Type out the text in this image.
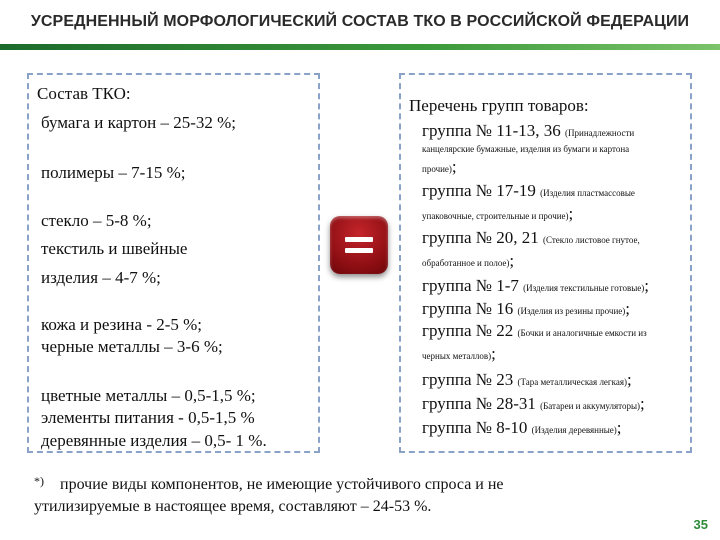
УСРЕДНЕННЫЙ МОРФОЛОГИЧЕСКИЙ СОСТАВ ТКО В РОССИЙСКОЙ ФЕДЕРАЦИИ
Состав ТКО:
бумага и картон – 25-32 %;
полимеры – 7-15 %;
стекло – 5-8 %;
текстиль и швейные
изделия – 4-7 %;
кожа и резина - 2-5 %;
черные металлы – 3-6 %;
цветные металлы – 0,5-1,5 %;
элементы питания - 0,5-1,5 %
деревянные изделия – 0,5- 1 %.
Перечень групп товаров:
группа № 11-13, 36 (Принадлежности
канцелярские бумажные, изделия из бумаги и картона
прочие);
группа № 17-19 (Изделия пластмассовые
упаковочные, строительные и прочие);
группа № 20, 21 (Стекло листовое гнутое,
обработанное и полое);
группа № 1-7 (Изделия текстильные готовые);
группа № 16 (Изделия из резины прочие);
группа № 22 (Бочки и аналогичные емкости из
черных металлов);
группа № 23 (Тара металлическая легкая);
группа № 28-31 (Батареи и аккумуляторы);
группа № 8-10 (Изделия деревянные);
*) прочие виды компонентов, не имеющие устойчивого спроса и не
утилизируемые в настоящее время, составляют – 24-53 %.
35
